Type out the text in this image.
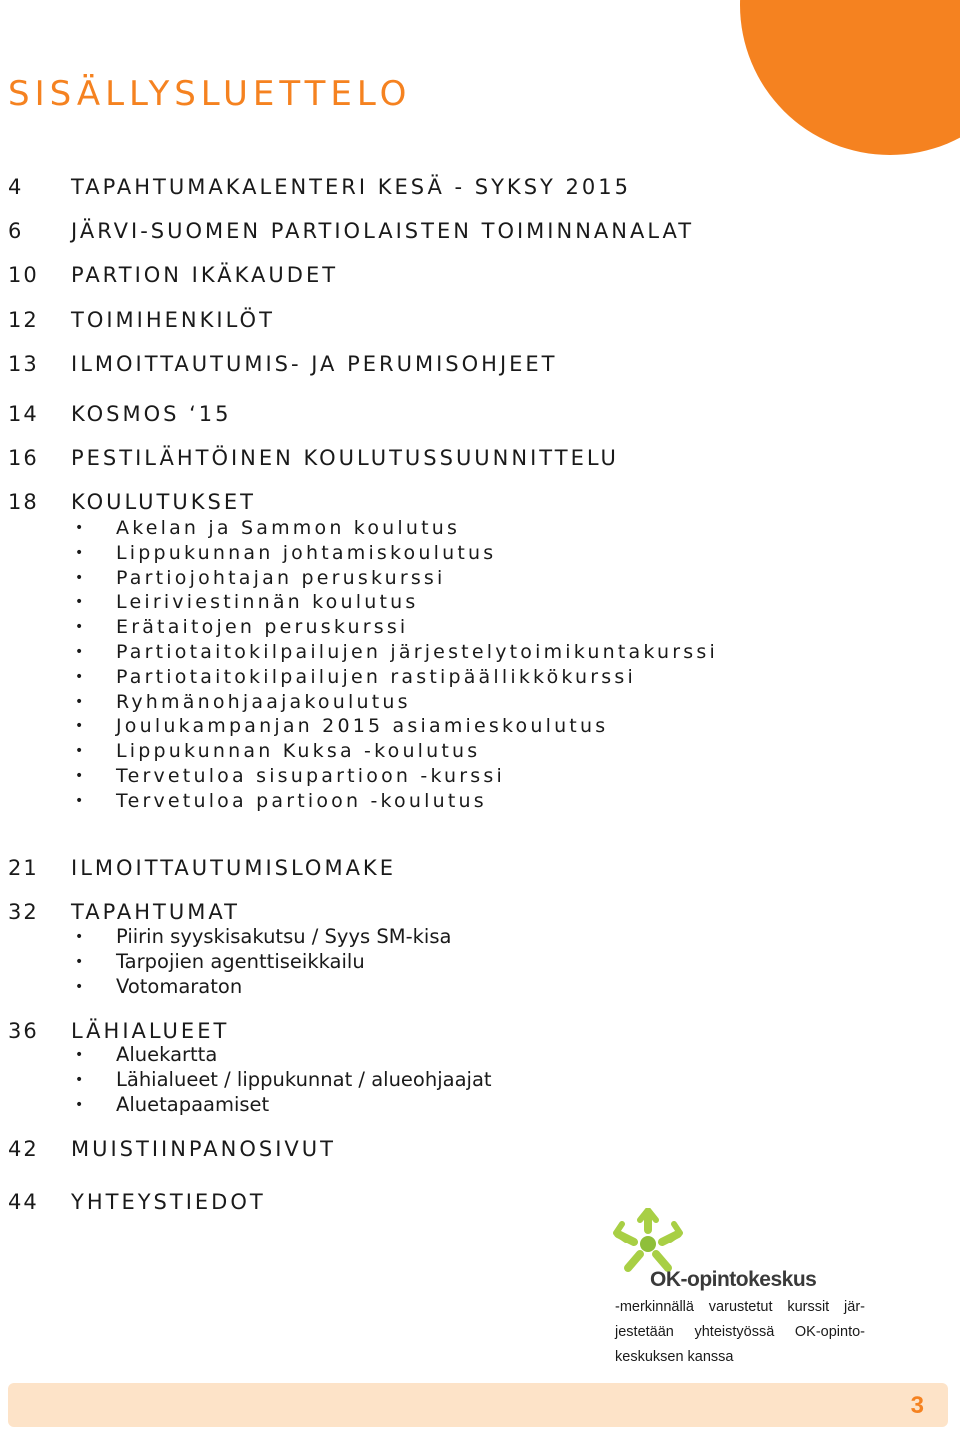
SISÄLLYSLUETTELO
4 TAPAHTUMAKALENTERI KESÄ - SYKSY 2015
6 JÄRVI-SUOMEN PARTIOLAISTEN TOIMINNANALAT
10 PARTION IKÄKAUDET
12 TOIMIHENKILÖT
13 ILMOITTAUTUMIS- JA PERUMISOHJEET
14 KOSMOS ‘15
16 PESTILÄHTÖINEN KOULUTUSSUUNNITTELU
18 KOULUTUKSET
• Akelan ja Sammon koulutus
• Lippukunnan johtamiskoulutus
• Partiojohtajan peruskurssi
• Leiriviestinnän koulutus
• Erätaitojen peruskurssi
• Partiotaitokilpailujen järjestelytoimikuntakurssi
• Partiotaitokilpailujen rastipäällikkökurssi
• Ryhmänohjaajakoulutus
• Joulukampanjan 2015 asiamieskoulutus
• Lippukunnan Kuksa -koulutus
• Tervetuloa sisupartioon -kurssi
• Tervetuloa partioon -koulutus
21 ILMOITTAUTUMISLOMAKE
32 TAPAHTUMAT
• Piirin syyskisakutsu / Syys SM-kisa
• Tarpojien agenttiseikkailu
• Votomaraton
36 LÄHIALUEET
• Aluekartta
• Lähialueet / lippukunnat / alueohjaajat
• Aluetapaamiset
42 MUISTIINPANOSIVUT
44 YHTEYSTIEDOT
OK-opintokeskus

-merkinnällä varustetut kurssit jär-
jestetään yhteistyössä OK-opinto-
keskuksen kanssa

3
